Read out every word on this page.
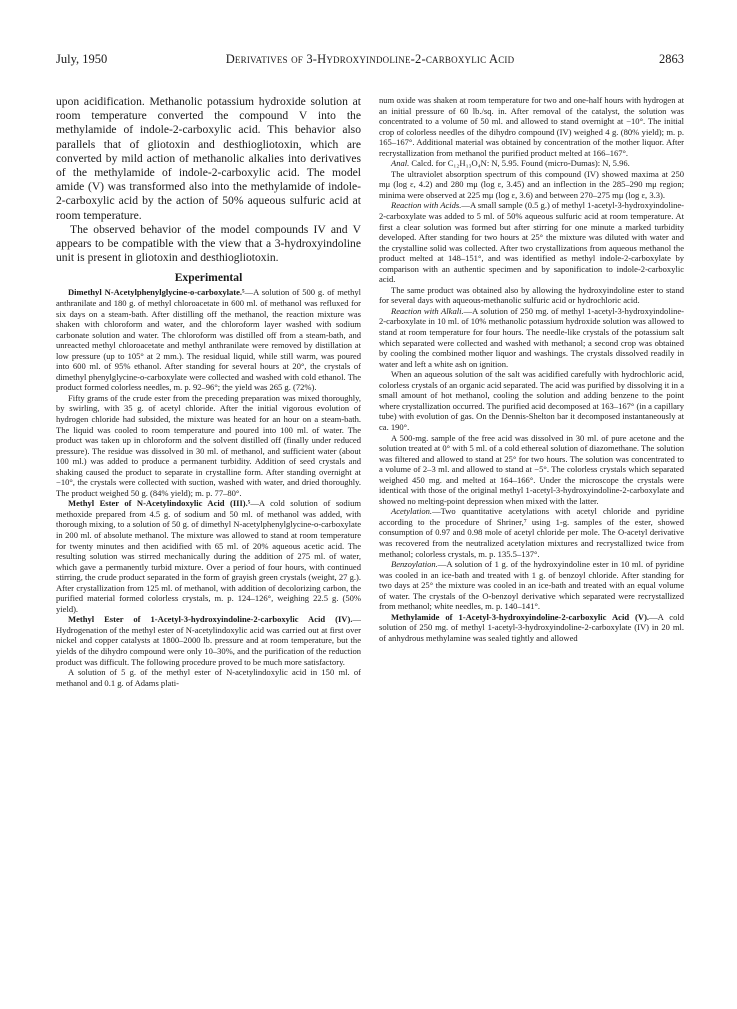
July, 1950	Derivatives of 3-Hydroxyindoline-2-carboxylic Acid	2863

upon acidification. Methanolic potassium hydroxide solution at room temperature converted the compound V into the methylamide of indole-2-carboxylic acid. This behavior also parallels that of gliotoxin and desthiogliotoxin, which are converted by mild action of methanolic alkalies into derivatives of the methylamide of indole-2-carboxylic acid. The model amide (V) was transformed also into the methylamide of indole-2-carboxylic acid by the action of 50% aqueous sulfuric acid at room temperature.

The observed behavior of the model compounds IV and V appears to be compatible with the view that a 3-hydroxyindoline unit is present in gliotoxin and desthiogliotoxin.

Experimental

Dimethyl N-Acetylphenylglycine-o-carboxylate.⁵—A solution of 500 g. of methyl anthranilate and 180 g. of methyl chloroacetate in 600 ml. of methanol was refluxed for six days on a steam-bath. After distilling off the methanol, the reaction mixture was shaken with chloroform and water, and the chloroform layer washed with sodium carbonate solution and water. The chloroform was distilled off from a steam-bath, and unreacted methyl chloroacetate and methyl anthranilate were removed by distillation at low pressure (up to 105° at 2 mm.). The residual liquid, while still warm, was poured into 600 ml. of 95% ethanol. After standing for several hours at 20°, the crystals of dimethyl phenylglycine-o-carboxylate were collected and washed with cold ethanol. The product formed colorless needles, m. p. 92–96°; the yield was 265 g. (72%).

Fifty grams of the crude ester from the preceding preparation was mixed thoroughly, by swirling, with 35 g. of acetyl chloride. After the initial vigorous evolution of hydrogen chloride had subsided, the mixture was heated for an hour on a steam-bath. The liquid was cooled to room temperature and poured into 100 ml. of water. The product was taken up in chloroform and the solvent distilled off (finally under reduced pressure). The residue was dissolved in 30 ml. of methanol, and sufficient water (about 100 ml.) was added to produce a permanent turbidity. Addition of seed crystals and shaking caused the product to separate in crystalline form. After standing overnight at −10°, the crystals were collected with suction, washed with water, and dried thoroughly. The product weighed 50 g. (84% yield); m. p. 77–80°.

Methyl Ester of N-Acetylindoxylic Acid (III).⁵—A cold solution of sodium methoxide prepared from 4.5 g. of sodium and 50 ml. of methanol was added, with thorough mixing, to a solution of 50 g. of dimethyl N-acetylphenylglycine-o-carboxylate in 200 ml. of absolute methanol. The mixture was allowed to stand at room temperature for twenty minutes and then acidified with 65 ml. of 20% aqueous acetic acid. The resulting solution was stirred mechanically during the addition of 275 ml. of water, which gave a permanently turbid mixture. Over a period of four hours, with continued stirring, the crude product separated in the form of grayish green crystals (weight, 27 g.). After crystallization from 125 ml. of methanol, with addition of decolorizing carbon, the purified material formed colorless crystals, m. p. 124–126°, weighing 22.5 g. (50% yield).

Methyl Ester of 1-Acetyl-3-hydroxyindoline-2-carboxylic Acid (IV).—Hydrogenation of the methyl ester of N-acetylindoxylic acid was carried out at first over nickel and copper catalysts at 1800–2000 lb. pressure and at room temperature, but the yields of the dihydro compound were only 10–30%, and the purification of the reduction product was difficult. The following procedure proved to be much more satisfactory.

A solution of 5 g. of the methyl ester of N-acetylindoxylic acid in 150 ml. of methanol and 0.1 g. of Adams plati-

num oxide was shaken at room temperature for two and one-half hours with hydrogen at an initial pressure of 60 lb./sq. in. After removal of the catalyst, the solution was concentrated to a volume of 50 ml. and allowed to stand overnight at −10°. The initial crop of colorless needles of the dihydro compound (IV) weighed 4 g. (80% yield); m. p. 165–167°. Additional material was obtained by concentration of the mother liquor. After recrystallization from methanol the purified product melted at 166–167°.

Anal. Calcd. for C₁₂H₁₃O₄N: N, 5.95. Found (micro-Dumas): N, 5.96.

The ultraviolet absorption spectrum of this compound (IV) showed maxima at 250 mμ (log ε, 4.2) and 280 mμ (log ε, 3.45) and an inflection in the 285–290 mμ region; minima were observed at 225 mμ (log ε, 3.6) and between 270–275 mμ (log ε, 3.3).

Reaction with Acids.—A small sample (0.5 g.) of methyl 1-acetyl-3-hydroxyindoline-2-carboxylate was added to 5 ml. of 50% aqueous sulfuric acid at room temperature. At first a clear solution was formed but after stirring for one minute a marked turbidity developed. After standing for two hours at 25° the mixture was diluted with water and the crystalline solid was collected. After two crystallizations from aqueous methanol the product melted at 148–151°, and was identified as methyl indole-2-carboxylate by comparison with an authentic specimen and by saponification to indole-2-carboxylic acid.

The same product was obtained also by allowing the hydroxyindoline ester to stand for several days with aqueous-methanolic sulfuric acid or hydrochloric acid.

Reaction with Alkali.—A solution of 250 mg. of methyl 1-acetyl-3-hydroxyindoline-2-carboxylate in 10 ml. of 10% methanolic potassium hydroxide solution was allowed to stand at room temperature for four hours. The needle-like crystals of the potassium salt which separated were collected and washed with methanol; a second crop was obtained by cooling the combined mother liquor and washings. The crystals dissolved readily in water and left a white ash on ignition.

When an aqueous solution of the salt was acidified carefully with hydrochloric acid, colorless crystals of an organic acid separated. The acid was purified by dissolving it in a small amount of hot methanol, cooling the solution and adding benzene to the point where crystallization occurred. The purified acid decomposed at 163–167° (in a capillary tube) with evolution of gas. On the Dennis-Shelton bar it decomposed instantaneously at ca. 190°.

A 500-mg. sample of the free acid was dissolved in 30 ml. of pure acetone and the solution treated at 0° with 5 ml. of a cold ethereal solution of diazomethane. The solution was filtered and allowed to stand at 25° for two hours. The solution was concentrated to a volume of 2–3 ml. and allowed to stand at −5°. The colorless crystals which separated weighed 450 mg. and melted at 164–166°. Under the microscope the crystals were identical with those of the original methyl 1-acetyl-3-hydroxyindoline-2-carboxylate and showed no melting-point depression when mixed with the latter.

Acetylation.—Two quantitative acetylations with acetyl chloride and pyridine according to the procedure of Shriner,⁷ using 1-g. samples of the ester, showed consumption of 0.97 and 0.98 mole of acetyl chloride per mole. The O-acetyl derivative was recovered from the neutralized acetylation mixtures and recrystallized twice from methanol; colorless crystals, m. p. 135.5–137°.

Benzoylation.—A solution of 1 g. of the hydroxyindoline ester in 10 ml. of pyridine was cooled in an ice-bath and treated with 1 g. of benzoyl chloride. After standing for two days at 25° the mixture was cooled in an ice-bath and treated with an equal volume of water. The crystals of the O-benzoyl derivative which separated were recrystallized from methanol; white needles, m. p. 140–141°.

Methylamide of 1-Acetyl-3-hydroxyindoline-2-carboxylic Acid (V).—A cold solution of 250 mg. of methyl 1-acetyl-3-hydroxyindoline-2-carboxylate (IV) in 20 ml. of anhydrous methylamine was sealed tightly and allowed
